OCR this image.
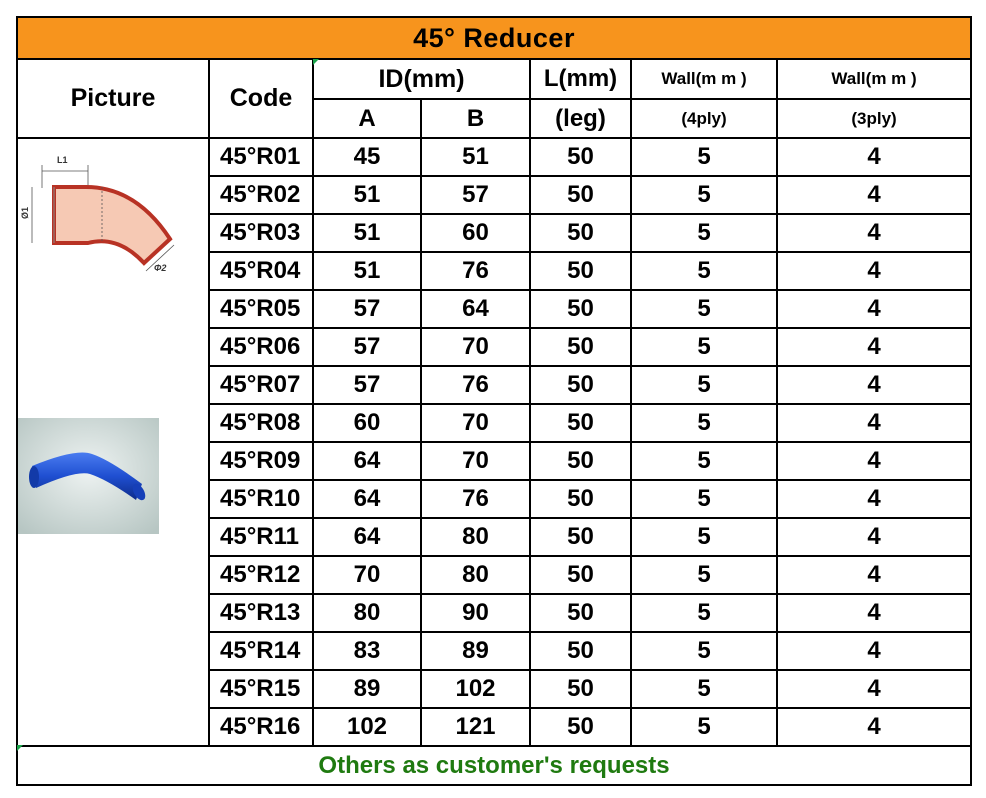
45° Reducer						
Picture	Code	ID(mm)		L(mm)	Wall(m m )	Wall(m m )
		A	B	(leg)	(4ply)	(3ply)

L1
Ø1
Φ2	45°R01	45	51	50	5	4
	45°R02	51	57	50	5	4
	45°R03	51	60	50	5	4
	45°R04	51	76	50	5	4
	45°R05	57	64	50	5	4
	45°R06	57	70	50	5	4
	45°R07	57	76	50	5	4
	45°R08	60	70	50	5	4
	45°R09	64	70	50	5	4
	45°R10	64	76	50	5	4
	45°R11	64	80	50	5	4
	45°R12	70	80	50	5	4
	45°R13	80	90	50	5	4
	45°R14	83	89	50	5	4
	45°R15	89	102	50	5	4
	45°R16	102	121	50	5	4
Others as customer's requests						
